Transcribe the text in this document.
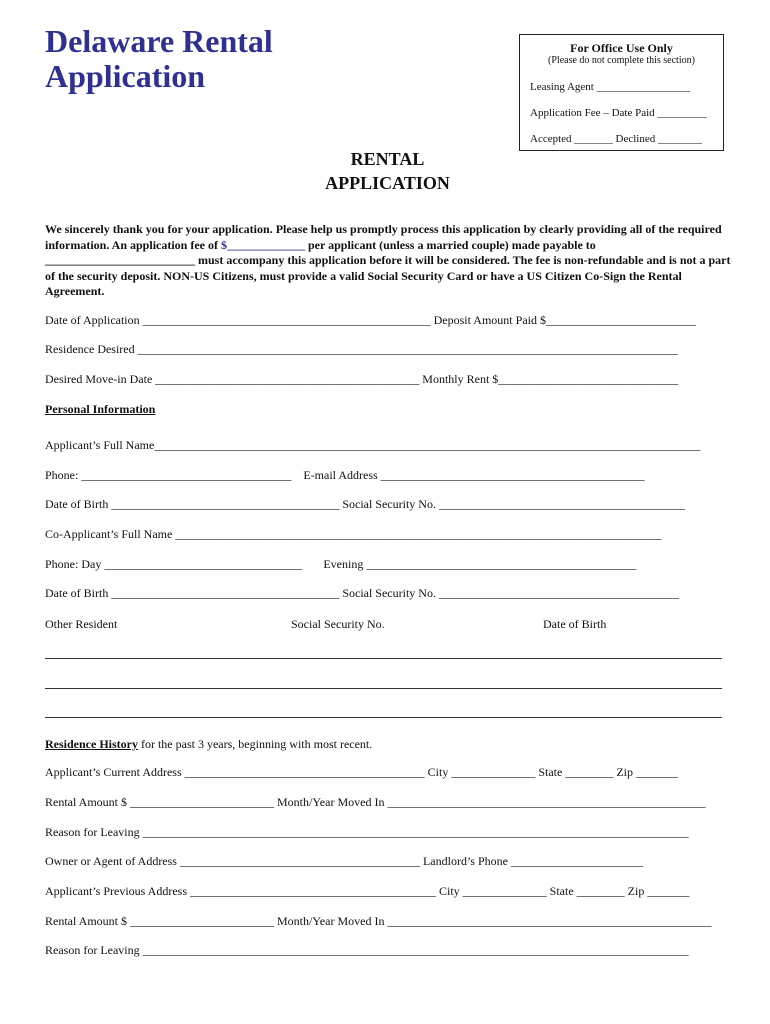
Delaware Rental
Application
For Office Use Only
(Please do not complete this section)
Leasing Agent _________________
Application Fee – Date Paid _________
Accepted _______ Declined ________
RENTAL
APPLICATION

We sincerely thank you for your application. Please help us promptly process this application by clearly providing all of the required information. An application fee of $_____________ per applicant (unless a married couple) made payable to _________________________ must accompany this application before it will be considered. The fee is non-refundable and is not a part of the security deposit. NON-US Citizens, must provide a valid Social Security Card or have a US Citizen Co-Sign the Rental Agreement.

Date of Application ________________________________________________ Deposit Amount Paid $_________________________
Residence Desired __________________________________________________________________________________________
Desired Move-in Date ____________________________________________ Monthly Rent $______________________________
Personal Information
Applicant’s Full Name___________________________________________________________________________________________
Phone: ___________________________________    E-mail Address ____________________________________________
Date of Birth ______________________________________ Social Security No. _________________________________________
Co-Applicant’s Full Name _________________________________________________________________________________
Phone: Day _________________________________       Evening _____________________________________________
Date of Birth ______________________________________ Social Security No. ________________________________________
Other Resident	Social Security No.	Date of Birth
Residence History for the past 3 years, beginning with most recent.
Applicant’s Current Address ________________________________________ City ______________ State ________ Zip _______
Rental Amount $ ________________________ Month/Year Moved In _____________________________________________________
Reason for Leaving ___________________________________________________________________________________________
Owner or Agent of Address ________________________________________ Landlord’s Phone ______________________
Applicant’s Previous Address _________________________________________ City ______________ State ________ Zip _______
Rental Amount $ ________________________ Month/Year Moved In ______________________________________________________
Reason for Leaving ___________________________________________________________________________________________
